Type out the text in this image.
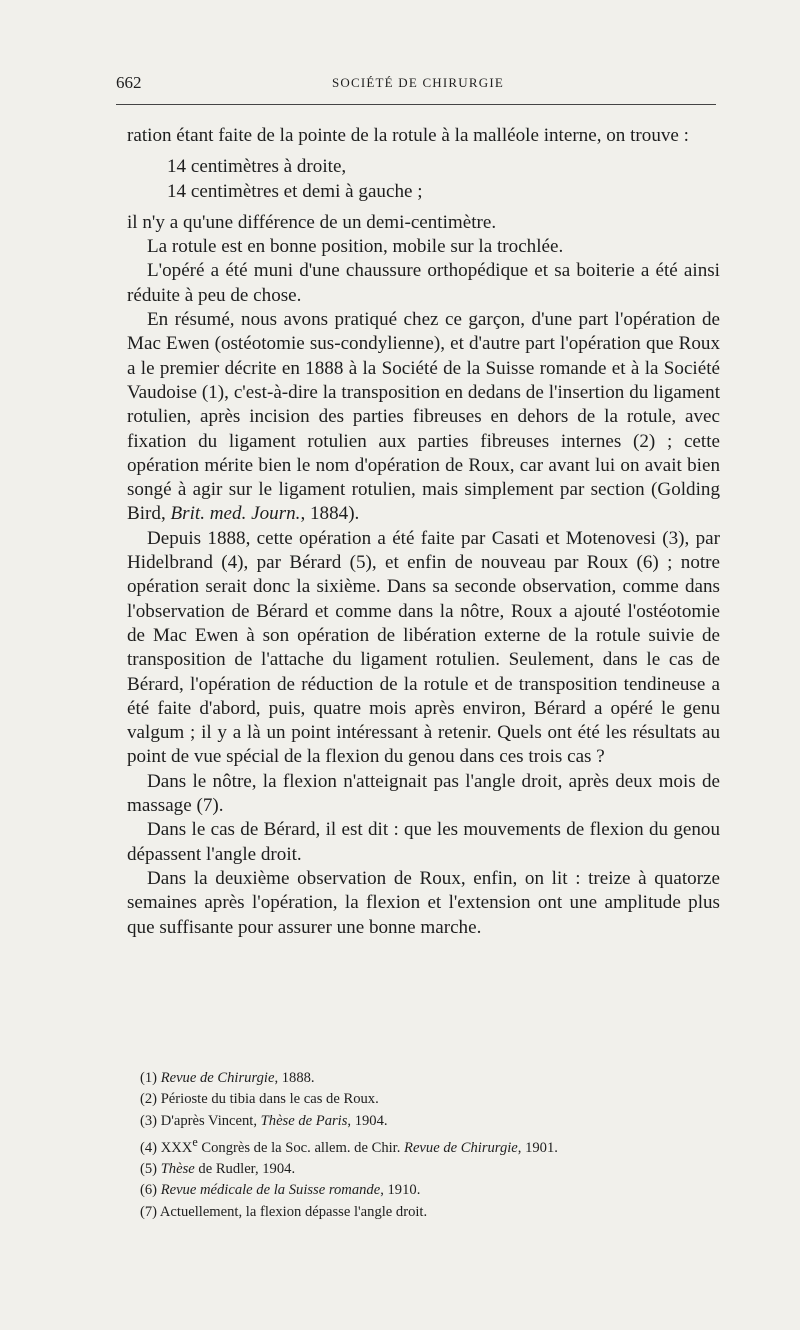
662	SOCIÉTÉ DE CHIRURGIE

ration étant faite de la pointe de la rotule à la malléole interne, on trouve :

14 centimètres à droite,
14 centimètres et demi à gauche ;

il n'y a qu'une différence de un demi-centimètre.

La rotule est en bonne position, mobile sur la trochlée.

L'opéré a été muni d'une chaussure orthopédique et sa boiterie a été ainsi réduite à peu de chose.

En résumé, nous avons pratiqué chez ce garçon, d'une part l'opération de Mac Ewen (ostéotomie sus-condylienne), et d'autre part l'opération que Roux a le premier décrite en 1888 à la Société de la Suisse romande et à la Société Vaudoise (1), c'est-à-dire la transposition en dedans de l'insertion du ligament rotulien, après incision des parties fibreuses en dehors de la rotule, avec fixation du ligament rotulien aux parties fibreuses internes (2) ; cette opération mérite bien le nom d'opération de Roux, car avant lui on avait bien songé à agir sur le ligament rotulien, mais simplement par section (Golding Bird, Brit. med. Journ., 1884).

Depuis 1888, cette opération a été faite par Casati et Motenovesi (3), par Hidelbrand (4), par Bérard (5), et enfin de nouveau par Roux (6) ; notre opération serait donc la sixième. Dans sa seconde observation, comme dans l'observation de Bérard et comme dans la nôtre, Roux a ajouté l'ostéotomie de Mac Ewen à son opération de libération externe de la rotule suivie de transposition de l'attache du ligament rotulien. Seulement, dans le cas de Bérard, l'opération de réduction de la rotule et de transposition tendineuse a été faite d'abord, puis, quatre mois après environ, Bérard a opéré le genu valgum ; il y a là un point intéressant à retenir. Quels ont été les résultats au point de vue spécial de la flexion du genou dans ces trois cas ?

Dans le nôtre, la flexion n'atteignait pas l'angle droit, après deux mois de massage (7).

Dans le cas de Bérard, il est dit : que les mouvements de flexion du genou dépassent l'angle droit.

Dans la deuxième observation de Roux, enfin, on lit : treize à quatorze semaines après l'opération, la flexion et l'extension ont une amplitude plus que suffisante pour assurer une bonne marche.

(1) Revue de Chirurgie, 1888.
(2) Périoste du tibia dans le cas de Roux.
(3) D'après Vincent, Thèse de Paris, 1904.
(4) XXXe Congrès de la Soc. allem. de Chir. Revue de Chirurgie, 1901.
(5) Thèse de Rudler, 1904.
(6) Revue médicale de la Suisse romande, 1910.
(7) Actuellement, la flexion dépasse l'angle droit.
